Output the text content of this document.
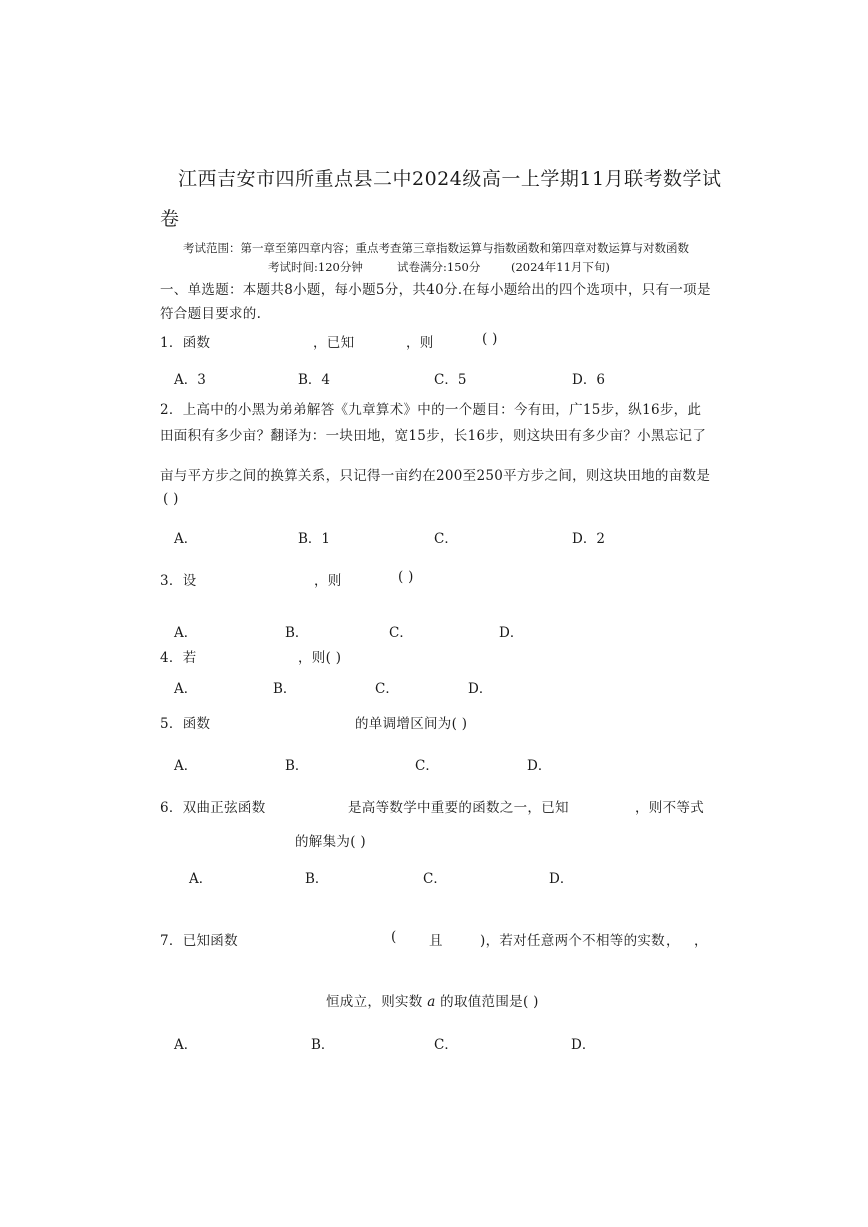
江西吉安市四所重点县二中2024级高一上学期11月联考数学试
卷
考试范围：第一章至第四章内容；重点考查第三章指数运算与指数函数和第四章对数运算与对数函数
考试时间:120分钟	试卷满分:150分	(2024年11月下旬)
一、单选题：本题共8小题，每小题5分，共40分.在每小题给出的四个选项中，只有一项是
符合题目要求的.
1．函数	，已知	，则	( )
A．3	B．4	C．5	D．6
2．上高中的小黑为弟弟解答《九章算术》中的一个题目：今有田，广15步，纵16步，此
田面积有多少亩？翻译为：一块田地，宽15步，长16步，则这块田有多少亩？小黑忘记了
亩与平方步之间的换算关系，只记得一亩约在200至250平方步之间，则这块田地的亩数是
( )
A．	B．1	C．	D．2
3．设	，则	( )
A．	B．	C．	D．
4．若	，则( )
A．	B．	C．	D．
5．函数	的单调增区间为( )
A．	B．	C．	D．
6．双曲正弦函数	是高等数学中重要的函数之一，已知	，则不等式
的解集为( )
A．	B．	C．	D．
7．已知函数	( 且	)，若对任意两个不相等的实数 ， ，
恒成立，则实数 a 的取值范围是( )
A．	B．	C．	D．
